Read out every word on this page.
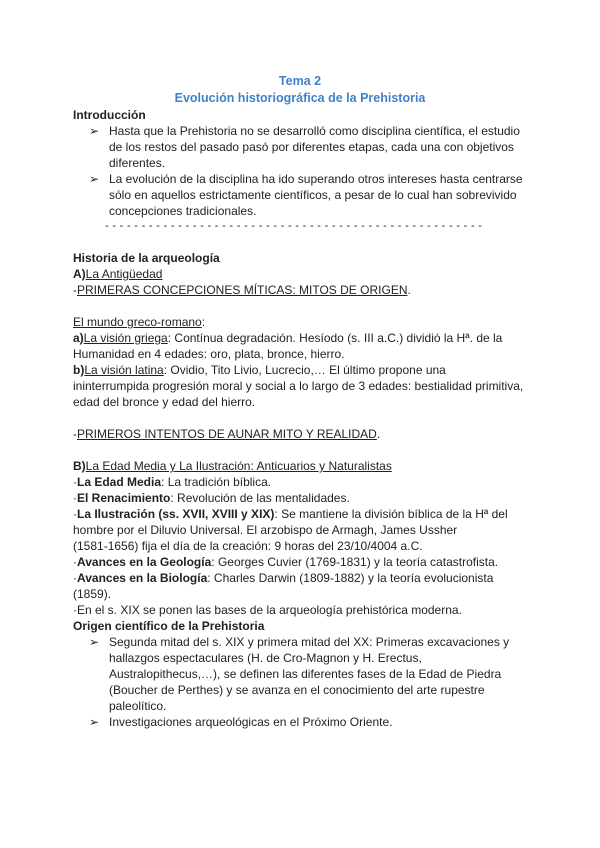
Tema 2
Evolución historiográfica de la Prehistoria
Introducción
➢ Hasta que la Prehistoria no se desarrolló como disciplina científica, el estudio
de los restos del pasado pasó por diferentes etapas, cada una con objetivos
diferentes.
➢ La evolución de la disciplina ha ido superando otros intereses hasta centrarse
sólo en aquellos estrictamente científicos, a pesar de lo cual han sobrevivido
concepciones tradicionales.
- - - - - - - - - - - - - - - - - - - - - - - - - - - - - - - - - - - - - - - - - - - - - - - - - - - -
Historia de la arqueología
A)La Antigüedad
-PRIMERAS CONCEPCIONES MÍTICAS: MITOS DE ORIGEN.
El mundo greco-romano:
a)La visión griega: Contínua degradación. Hesíodo (s. III a.C.) dividió la Hª. de la
Humanidad en 4 edades: oro, plata, bronce, hierro.
b)La visión latina: Ovidio, Tito Livio, Lucrecio,… El último propone una
ininterrumpida progresión moral y social a lo largo de 3 edades: bestialidad primitiva,
edad del bronce y edad del hierro.
-PRIMEROS INTENTOS DE AUNAR MITO Y REALIDAD.
B)La Edad Media y La Ilustración: Anticuarios y Naturalistas
·La Edad Media: La tradición bíblica.
·El Renacimiento: Revolución de las mentalidades.
·La Ilustración (ss. XVII, XVIII y XIX): Se mantiene la división bíblica de la Hª del
hombre por el Diluvio Universal. El arzobispo de Armagh, James Ussher
(1581-1656) fija el día de la creación: 9 horas del 23/10/4004 a.C.
·Avances en la Geología: Georges Cuvier (1769-1831) y la teoría catastrofista.
·Avances en la Biología: Charles Darwin (1809-1882) y la teoría evolucionista
(1859).
·En el s. XIX se ponen las bases de la arqueología prehistórica moderna.
Origen científico de la Prehistoria
➢ Segunda mitad del s. XIX y primera mitad del XX: Primeras excavaciones y
hallazgos espectaculares (H. de Cro-Magnon y H. Erectus,
Australopithecus,…), se definen las diferentes fases de la Edad de Piedra
(Boucher de Perthes) y se avanza en el conocimiento del arte rupestre
paleolítico.
➢ Investigaciones arqueológicas en el Próximo Oriente.
